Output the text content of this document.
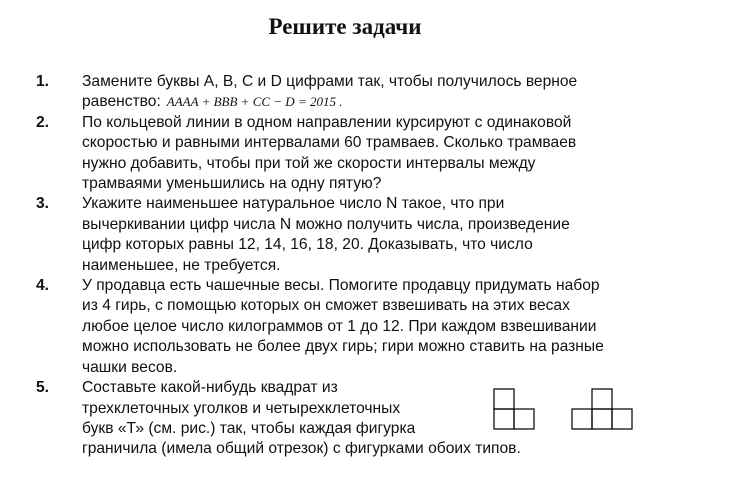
Решите задачи
1. Замените буквы A, B, C и D цифрами так, чтобы получилось верное
равенство: AAAA + BBB + CC − D = 2015 .
2. По кольцевой линии в одном направлении курсируют с одинаковой
скоростью и равными интервалами 60 трамваев. Сколько трамваев
нужно добавить, чтобы при той же скорости интервалы между
трамваями уменьшились на одну пятую?
3. Укажите наименьшее натуральное число N такое, что при
вычеркивании цифр числа N можно получить числа, произведение
цифр которых равны 12, 14, 16, 18, 20. Доказывать, что число
наименьшее, не требуется.
4. У продавца есть чашечные весы. Помогите продавцу придумать набор
из 4 гирь, с помощью которых он сможет взвешивать на этих весах
любое целое число килограммов от 1 до 12. При каждом взвешивании
можно использовать не более двух гирь; гири можно ставить на разные
чашки весов.
5. Составьте какой-нибудь квадрат из
трехклеточных уголков и четырехклеточных
букв «Т» (см. рис.) так, чтобы каждая фигурка
граничила (имела общий отрезок) с фигурками обоих типов.
